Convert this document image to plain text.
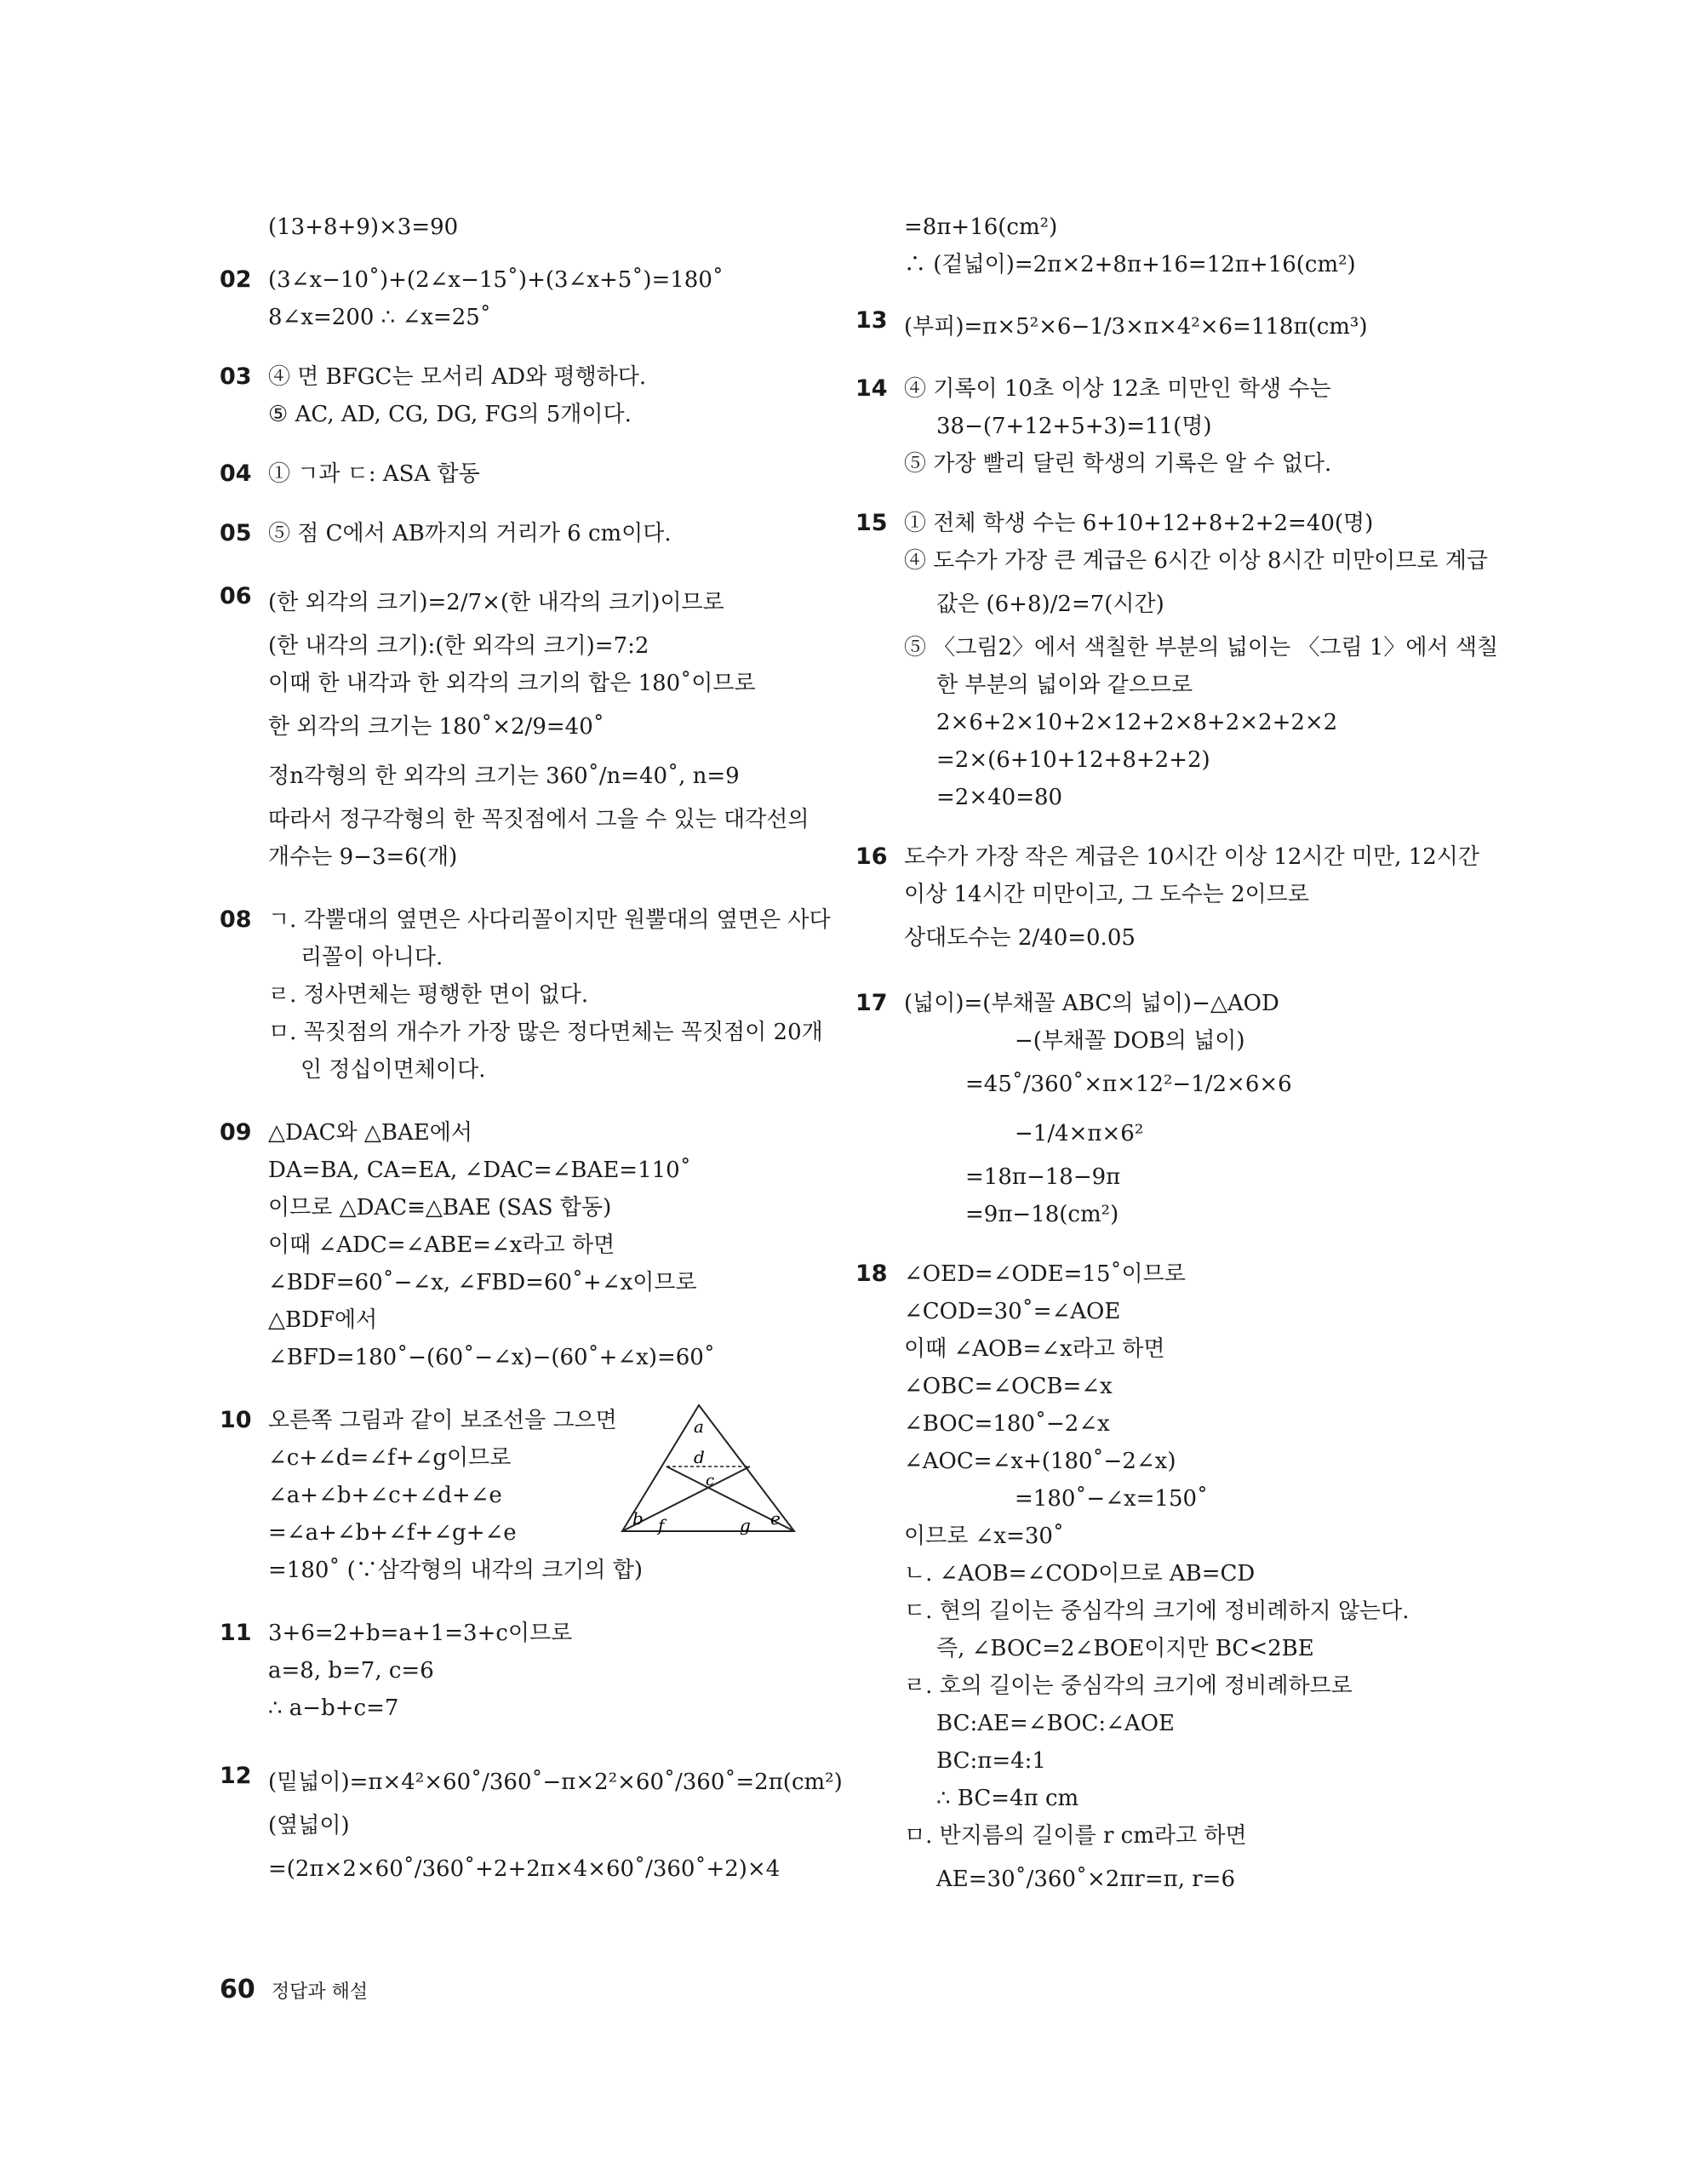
(13+8+9)×3=90
02 (3∠x−10˚)+(2∠x−15˚)+(3∠x+5˚)=180˚
8∠x=200 ∴ ∠x=25˚
03 ④ 면 BFGC는 모서리 AD와 평행하다.
⑤ AC, AD, CG, DG, FG의 5개이다.
04 ① ㄱ과 ㄷ: ASA 합동
05 ⑤ 점 C에서 AB까지의 거리가 6 cm이다.
06 (한 외각의 크기)=2/7×(한 내각의 크기)이므로
(한 내각의 크기):(한 외각의 크기)=7:2
이때 한 내각과 한 외각의 크기의 합은 180˚이므로
한 외각의 크기는 180˚×2/9=40˚
정n각형의 한 외각의 크기는 360˚/n=40˚, n=9
따라서 정구각형의 한 꼭짓점에서 그을 수 있는 대각선의
개수는 9−3=6(개)
08 ㄱ. 각뿔대의 옆면은 사다리꼴이지만 원뿔대의 옆면은 사다
리꼴이 아니다.
ㄹ. 정사면체는 평행한 면이 없다.
ㅁ. 꼭짓점의 개수가 가장 많은 정다면체는 꼭짓점이 20개
인 정십이면체이다.
09 △DAC와 △BAE에서
DA=BA, CA=EA, ∠DAC=∠BAE=110˚
이므로 △DAC≡△BAE (SAS 합동)
이때 ∠ADC=∠ABE=∠x라고 하면
∠BDF=60˚−∠x, ∠FBD=60˚+∠x이므로
△BDF에서
∠BFD=180˚−(60˚−∠x)−(60˚+∠x)=60˚
10 오른쪽 그림과 같이 보조선을 그으면
∠c+∠d=∠f+∠g이므로
∠a+∠b+∠c+∠d+∠e
=∠a+∠b+∠f+∠g+∠e
=180˚ (∵삼각형의 내각의 크기의 합)
a
d
c
b f	g e
11 3+6=2+b=a+1=3+c이므로
a=8, b=7, c=6
∴ a−b+c=7
12 (밑넓이)=π×4²×60˚/360˚−π×2²×60˚/360˚=2π(cm²)
(옆넓이)
=(2π×2×60˚/360˚+2+2π×4×60˚/360˚+2)×4
=8π+16(cm²)
∴ (겉넓이)=2π×2+8π+16=12π+16(cm²)
13 (부피)=π×5²×6−1/3×π×4²×6=118π(cm³)
14 ④ 기록이 10초 이상 12초 미만인 학생 수는
38−(7+12+5+3)=11(명)
⑤ 가장 빨리 달린 학생의 기록은 알 수 없다.
15 ① 전체 학생 수는 6+10+12+8+2+2=40(명)
④ 도수가 가장 큰 계급은 6시간 이상 8시간 미만이므로 계급
값은 (6+8)/2=7(시간)
⑤ 〈그림2〉에서 색칠한 부분의 넓이는 〈그림 1〉에서 색칠
한 부분의 넓이와 같으므로
2×6+2×10+2×12+2×8+2×2+2×2
=2×(6+10+12+8+2+2)
=2×40=80
16 도수가 가장 작은 계급은 10시간 이상 12시간 미만, 12시간
이상 14시간 미만이고, 그 도수는 2이므로
상대도수는 2/40=0.05
17 (넓이)=(부채꼴 ABC의 넓이)−△AOD
−(부채꼴 DOB의 넓이)
=45˚/360˚×π×12²−1/2×6×6
−1/4×π×6²
=18π−18−9π
=9π−18(cm²)
18 ∠OED=∠ODE=15˚이므로
∠COD=30˚=∠AOE
이때 ∠AOB=∠x라고 하면
∠OBC=∠OCB=∠x
∠BOC=180˚−2∠x
∠AOC=∠x+(180˚−2∠x)
=180˚−∠x=150˚
이므로 ∠x=30˚
ㄴ. ∠AOB=∠COD이므로 AB=CD
ㄷ. 현의 길이는 중심각의 크기에 정비례하지 않는다.
즉, ∠BOC=2∠BOE이지만 BC<2BE
ㄹ. 호의 길이는 중심각의 크기에 정비례하므로
BC:AE=∠BOC:∠AOE
BC:π=4:1
∴ BC=4π cm
ㅁ. 반지름의 길이를 r cm라고 하면
AE=30˚/360˚×2πr=π, r=6
60 정답과 해설
